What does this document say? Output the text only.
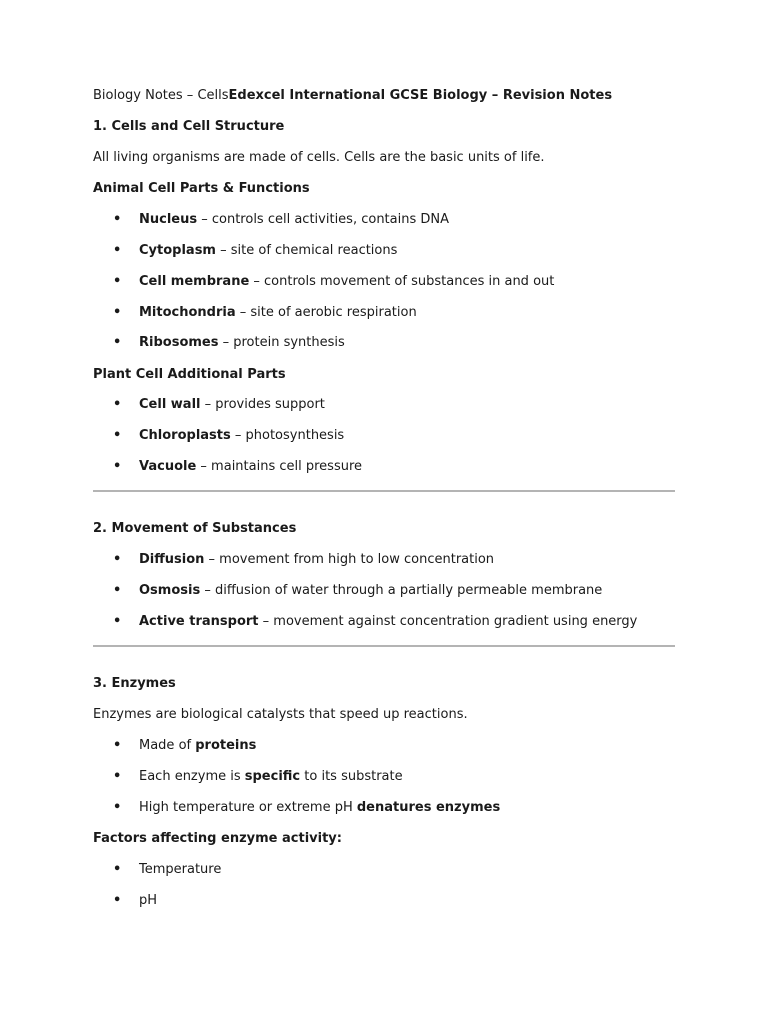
Biology Notes – CellsEdexcel International GCSE Biology – Revision Notes
1. Cells and Cell Structure
All living organisms are made of cells. Cells are the basic units of life.
Animal Cell Parts & Functions
• Nucleus – controls cell activities, contains DNA
• Cytoplasm – site of chemical reactions
• Cell membrane – controls movement of substances in and out
• Mitochondria – site of aerobic respiration
• Ribosomes – protein synthesis
Plant Cell Additional Parts
• Cell wall – provides support
• Chloroplasts – photosynthesis
• Vacuole – maintains cell pressure
2. Movement of Substances
• Diffusion – movement from high to low concentration
• Osmosis – diffusion of water through a partially permeable membrane
• Active transport – movement against concentration gradient using energy
3. Enzymes
Enzymes are biological catalysts that speed up reactions.
• Made of proteins
• Each enzyme is specific to its substrate
• High temperature or extreme pH denatures enzymes
Factors affecting enzyme activity:
• Temperature
• pH
